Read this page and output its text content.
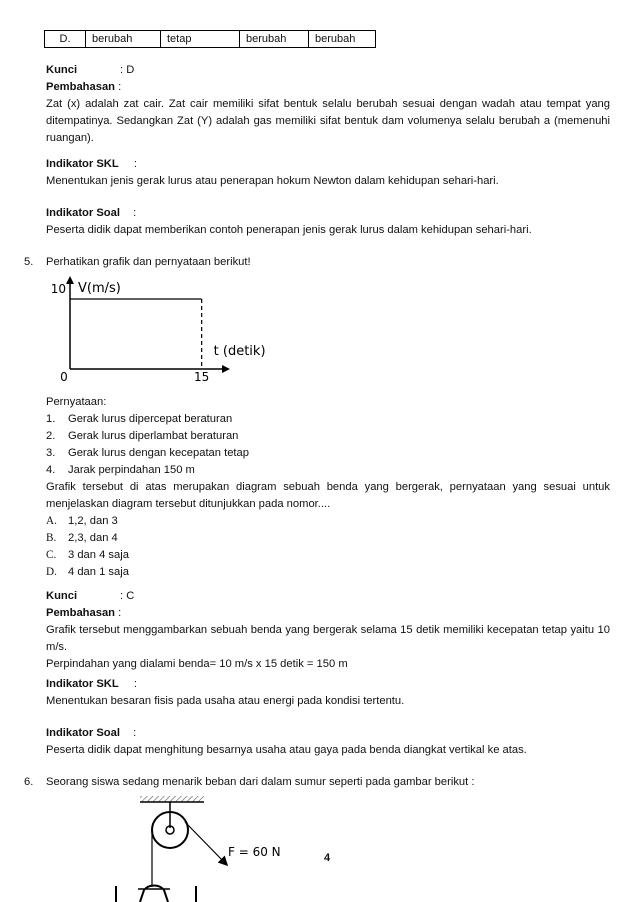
D.	berubah	tetap	berubah	berubah
Kunci	: D
Pembahasan :
Zat (x) adalah zat cair. Zat cair memiliki sifat bentuk selalu berubah sesuai dengan wadah atau tempat yang ditempatinya. Sedangkan Zat (Y) adalah gas memiliki sifat bentuk dam volumenya selalu berubah a (memenuhi ruangan).
Indikator SKL :
Menentukan jenis gerak lurus atau penerapan hokum Newton dalam kehidupan sehari-hari.
Indikator Soal :
Peserta didik dapat memberikan contoh penerapan jenis gerak lurus dalam kehidupan sehari-hari.
5. Perhatikan grafik dan pernyataan berikut!
V(m/s)
t (detik)
10
15
0
Pernyataan:
1. Gerak lurus dipercepat beraturan
2. Gerak lurus diperlambat beraturan
3. Gerak lurus dengan kecepatan tetap
4. Jarak perpindahan 150 m
Grafik tersebut di atas merupakan diagram sebuah benda yang bergerak, pernyataan yang sesuai untuk menjelaskan diagram tersebut ditunjukkan pada nomor....
A. 1,2, dan 3
B. 2,3, dan 4
C. 3 dan 4 saja
D. 4 dan 1 saja
Kunci	: C
Pembahasan :
Grafik tersebut menggambarkan sebuah benda yang bergerak selama 15 detik memiliki kecepatan tetap yaitu 10 m/s.
Perpindahan yang dialami benda= 10 m/s x 15 detik = 150 m
Indikator SKL :
Menentukan besaran fisis pada usaha atau energi pada kondisi tertentu.
Indikator Soal :
Peserta didik dapat menghitung besarnya usaha atau gaya pada benda diangkat vertikal ke atas.
6. Seorang siswa sedang menarik beban dari dalam sumur seperti pada gambar berikut :
F = 60 N	4
